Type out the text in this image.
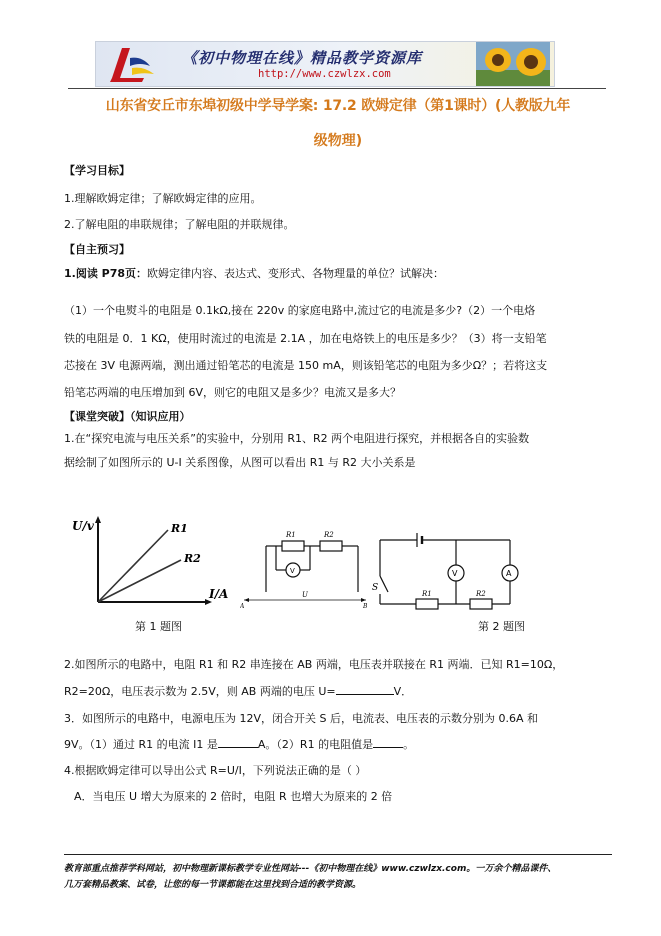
《初中物理在线》精品教学资源库
http://www.czwlzx.com
山东省安丘市东埠初级中学导学案: 17.2 欧姆定律（第1课时）(人教版九年
级物理)
【学习目标】
1.理解欧姆定律；了解欧姆定律的应用。
2.了解电阻的串联规律；了解电阻的并联规律。
【自主预习】
1.阅读 P78页：欧姆定律内容、表达式、变形式、各物理量的单位？试解决：
（1）一个电熨斗的电阻是 0.1kΩ,接在 220v 的家庭电路中,流过它的电流是多少?（2）一个电烙
铁的电阻是 0．1 KΩ，使用时流过的电流是 2.1A ，加在电烙铁上的电压是多少？（3）将一支铅笔
芯接在 3V 电源两端，测出通过铅笔芯的电流是 150 mA，则该铅笔芯的电阻为多少Ω？；若将这支
铅笔芯两端的电压增加到 6V，则它的电阻又是多少？电流又是多大？
【课堂突破】（知识应用）
1.在“探究电流与电压关系”的实验中，分别用 R1、R2 两个电阻进行探究，并根据各自的实验数
据绘制了如图所示的 U-I 关系图像，从图可以看出 R1 与 R2 大小关系是
U/v
I/A
R1
R2
R1	R2
V
A	B
U
S
R1	R2
V	A
第 1 题图	第 2 题图
2.如图所示的电路中，电阻 R1 和 R2 串连接在 AB 两端，电压表并联接在 R1 两端．已知 R1=10Ω，
R2=20Ω，电压表示数为 2.5V，则 AB 两端的电压 U=	V．
3．如图所示的电路中，电源电压为 12V，闭合开关 S 后，电流表、电压表的示数分别为 0.6A 和
9V。（1）通过 R1 的电流 I1 是	A。（2）R1 的电阻值是	。
4.根据欧姆定律可以导出公式 R=U/I，下列说法正确的是（ ）
A．当电压 U 增大为原来的 2 倍时，电阻 R 也增大为原来的 2 倍
教育部重点推荐学科网站，初中物理新课标教学专业性网站---《初中物理在线》www.czwlzx.com。一万余个精品课件、
几万套精品教案、试卷，让您的每一节课都能在这里找到合适的教学资源。
